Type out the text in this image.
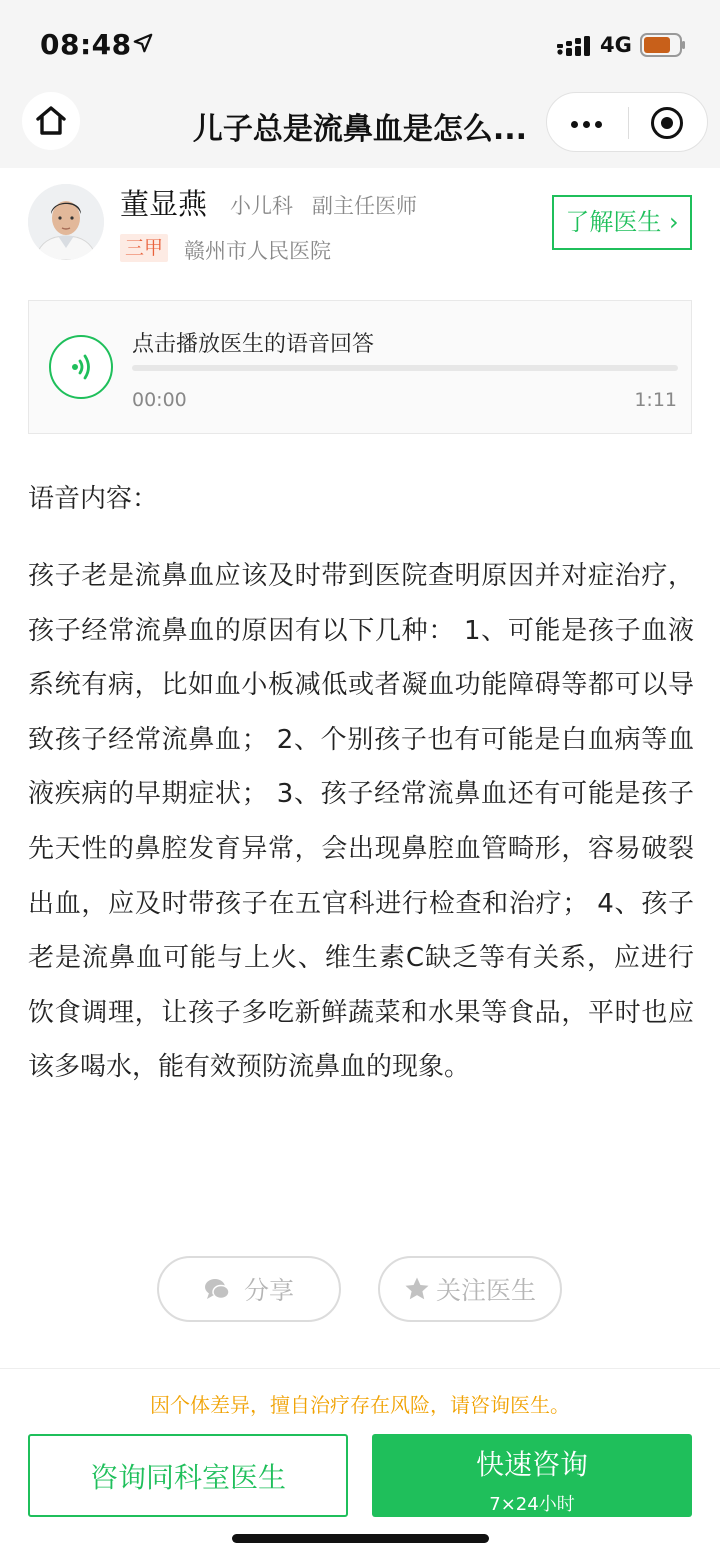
08:48	4G
儿子总是流鼻血是怎么...
董显燕 小儿科 副主任医师
三甲 赣州市人民医院
了解医生 ›
点击播放医生的语音回答
00:00	1:11
语音内容：
孩子老是流鼻血应该及时带到医院查明原因并对症治疗，孩子经常流鼻血的原因有以下几种： 1、可能是孩子血液系统有病，比如血小板减低或者凝血功能障碍等都可以导致孩子经常流鼻血； 2、个别孩子也有可能是白血病等血液疾病的早期症状； 3、孩子经常流鼻血还有可能是孩子先天性的鼻腔发育异常，会出现鼻腔血管畸形，容易破裂出血，应及时带孩子在五官科进行检查和治疗； 4、孩子老是流鼻血可能与上火、维生素C缺乏等有关系，应进行饮食调理，让孩子多吃新鲜蔬菜和水果等食品，平时也应该多喝水，能有效预防流鼻血的现象。
分享	关注医生
因个体差异，擅自治疗存在风险，请咨询医生。
咨询同科室医生	快速咨询
7×24小时
